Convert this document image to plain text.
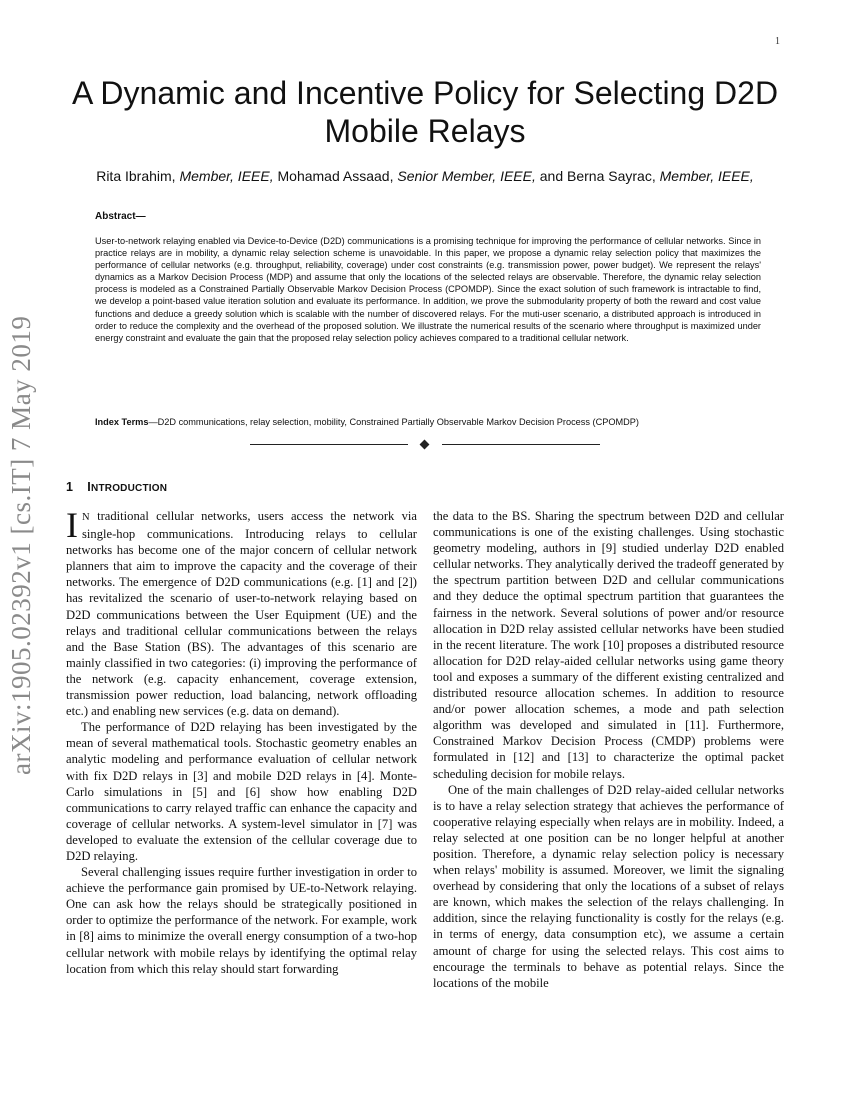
1
arXiv:1905.02392v1 [cs.IT] 7 May 2019
A Dynamic and Incentive Policy for Selecting D2D Mobile Relays
Rita Ibrahim, Member, IEEE, Mohamad Assaad, Senior Member, IEEE, and Berna Sayrac, Member, IEEE,
Abstract—
User-to-network relaying enabled via Device-to-Device (D2D) communications is a promising technique for improving the performance of cellular networks. Since in practice relays are in mobility, a dynamic relay selection scheme is unavoidable. In this paper, we propose a dynamic relay selection policy that maximizes the performance of cellular networks (e.g. throughput, reliability, coverage) under cost constraints (e.g. transmission power, power budget). We represent the relays' dynamics as a Markov Decision Process (MDP) and assume that only the locations of the selected relays are observable. Therefore, the dynamic relay selection process is modeled as a Constrained Partially Observable Markov Decision Process (CPOMDP). Since the exact solution of such framework is intractable to find, we develop a point-based value iteration solution and evaluate its performance. In addition, we prove the submodularity property of both the reward and cost value functions and deduce a greedy solution which is scalable with the number of discovered relays. For the muti-user scenario, a distributed approach is introduced in order to reduce the complexity and the overhead of the proposed solution. We illustrate the numerical results of the scenario where throughput is maximized under energy constraint and evaluate the gain that the proposed relay selection policy achieves compared to a traditional cellular network.
Index Terms—D2D communications, relay selection, mobility, Constrained Partially Observable Markov Decision Process (CPOMDP)
1 INTRODUCTION

I N traditional cellular networks, users access the network via single-hop communications. Introducing relays to cellular networks has become one of the major concern of cellular network planners that aim to improve the capacity and the coverage of their networks. The emergence of D2D communications (e.g. [1] and [2]) has revitalized the scenario of user-to-network relaying based on D2D communications between the User Equipment (UE) and the relays and traditional cellular communications between the relays and the Base Station (BS). The advantages of this scenario are mainly classified in two categories: (i) improving the performance of the network (e.g. capacity enhancement, coverage extension, transmission power reduction, load balancing, network offloading etc.) and enabling new services (e.g. data on demand).

The performance of D2D relaying has been investigated by the mean of several mathematical tools. Stochastic geometry enables an analytic modeling and performance evaluation of cellular network with fix D2D relays in [3] and mobile D2D relays in [4]. Monte-Carlo simulations in [5] and [6] show how enabling D2D communications to carry relayed traffic can enhance the capacity and coverage of cellular networks. A system-level simulator in [7] was developed to evaluate the extension of the cellular coverage due to D2D relaying.

Several challenging issues require further investigation in order to achieve the performance gain promised by UE-to-Network relaying. One can ask how the relays should be strategically positioned in order to optimize the performance of the network. For example, work in [8] aims to minimize the overall energy consumption of a two-hop cellular network with mobile relays by identifying the optimal relay location from which this relay should start forwarding

the data to the BS. Sharing the spectrum between D2D and cellular communications is one of the existing challenges. Using stochastic geometry modeling, authors in [9] studied underlay D2D enabled cellular networks. They analytically derived the tradeoff generated by the spectrum partition between D2D and cellular communications and they deduce the optimal spectrum partition that guarantees the fairness in the network. Several solutions of power and/or resource allocation in D2D relay assisted cellular networks have been studied in the recent literature. The work [10] proposes a distributed resource allocation for D2D relay-aided cellular networks using game theory tool and exposes a summary of the different existing centralized and distributed resource allocation schemes. In addition to resource and/or power allocation schemes, a mode and path selection algorithm was developed and simulated in [11]. Furthermore, Constrained Markov Decision Process (CMDP) problems were formulated in [12] and [13] to characterize the optimal packet scheduling decision for mobile relays.

One of the main challenges of D2D relay-aided cellular networks is to have a relay selection strategy that achieves the performance of cooperative relaying especially when relays are in mobility. Indeed, a relay selected at one position can be no longer helpful at another position. Therefore, a dynamic relay selection policy is necessary when relays' mobility is assumed. Moreover, we limit the signaling overhead by considering that only the locations of a subset of relays are known, which makes the selection of the relays challenging. In addition, since the relaying functionality is costly for the relays (e.g. in terms of energy, data consumption etc), we assume a certain amount of charge for using the selected relays. This cost aims to encourage the terminals to behave as potential relays. Since the locations of the mobile
